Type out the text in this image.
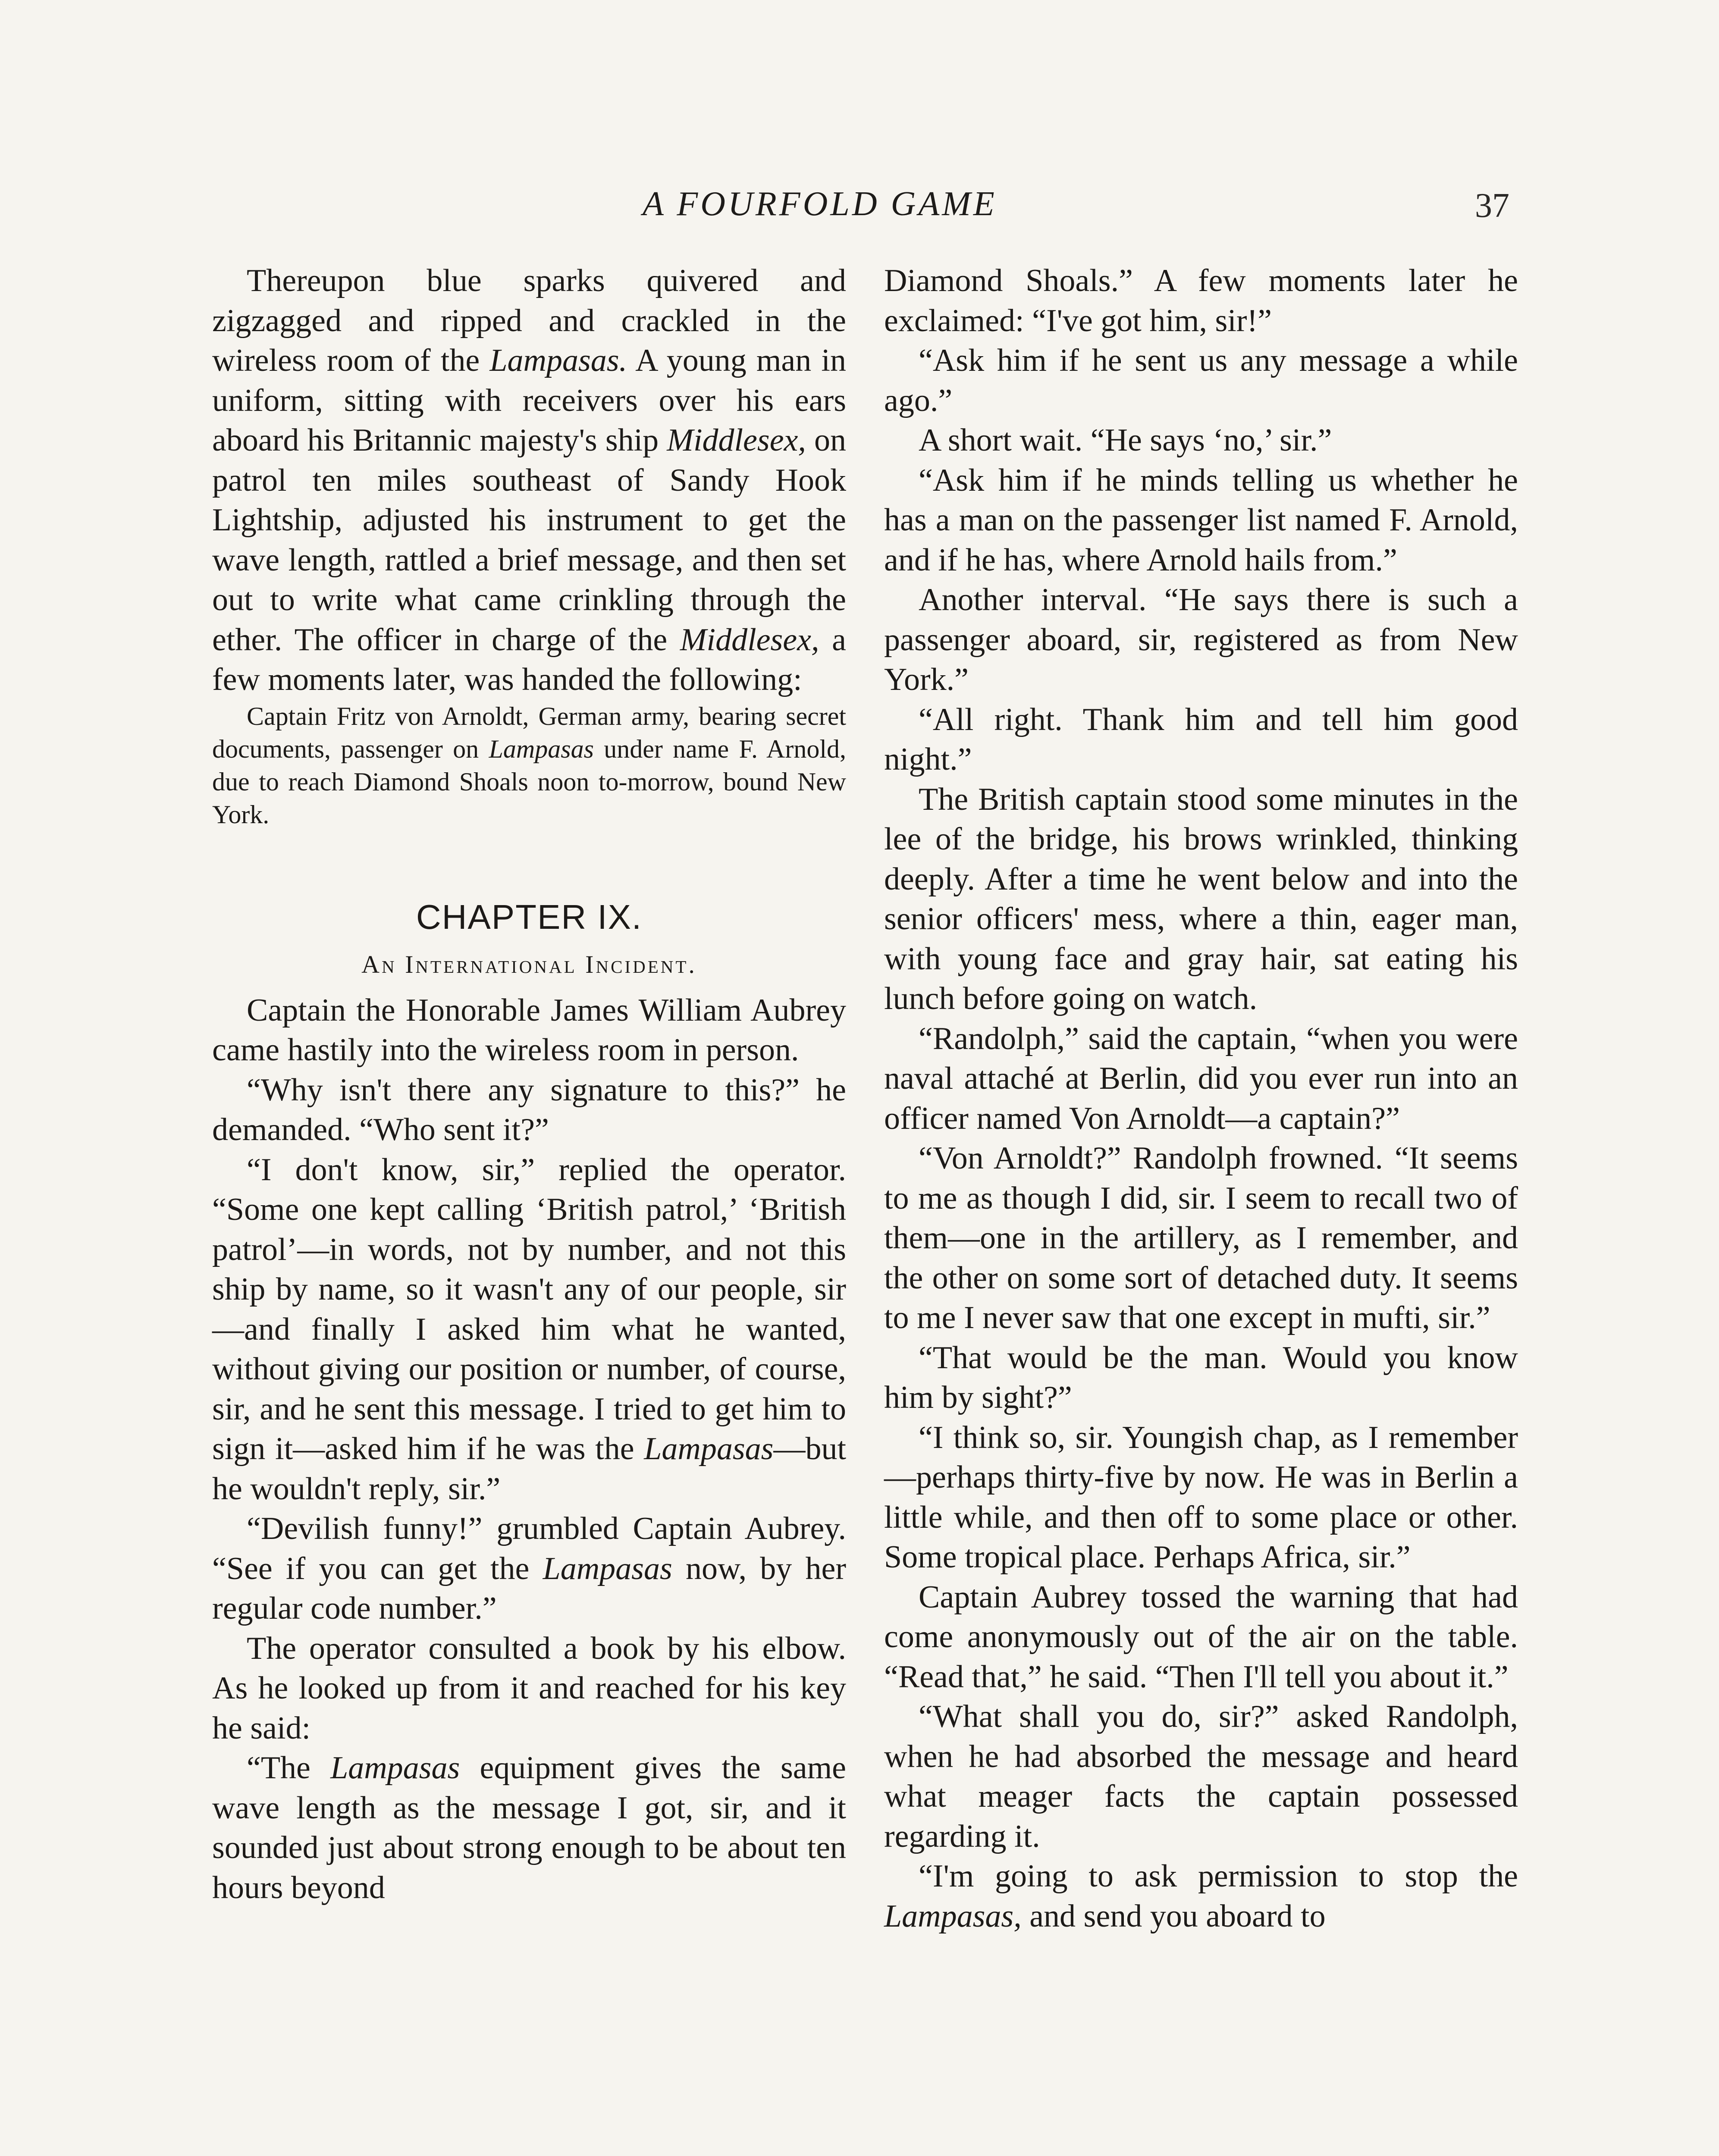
A FOURFOLD GAME	37

Thereupon blue sparks quivered and zigzagged and ripped and crackled in the wireless room of the Lampasas. A young man in uniform, sitting with receivers over his ears aboard his Britannic majesty's ship Middlesex, on patrol ten miles southeast of Sandy Hook Lightship, adjusted his instrument to get the wave length, rattled a brief message, and then set out to write what came crinkling through the ether. The officer in charge of the Middlesex, a few moments later, was handed the following:

Captain Fritz von Arnoldt, German army, bearing secret documents, passenger on Lampasas under name F. Arnold, due to reach Diamond Shoals noon to-morrow, bound New York.

CHAPTER IX.
An International Incident.

Captain the Honorable James William Aubrey came hastily into the wireless room in person.

“Why isn't there any signature to this?” he demanded. “Who sent it?”

“I don't know, sir,” replied the operator. “Some one kept calling ‘British patrol,’ ‘British patrol’—in words, not by number, and not this ship by name, so it wasn't any of our people, sir—and finally I asked him what he wanted, without giving our position or number, of course, sir, and he sent this message. I tried to get him to sign it—asked him if he was the Lampasas—but he wouldn't reply, sir.”

“Devilish funny!” grumbled Captain Aubrey. “See if you can get the Lampasas now, by her regular code number.”

The operator consulted a book by his elbow. As he looked up from it and reached for his key he said:

“The Lampasas equipment gives the same wave length as the message I got, sir, and it sounded just about strong enough to be about ten hours beyond

Diamond Shoals.” A few moments later he exclaimed: “I've got him, sir!”

“Ask him if he sent us any message a while ago.”

A short wait. “He says ‘no,’ sir.”

“Ask him if he minds telling us whether he has a man on the passenger list named F. Arnold, and if he has, where Arnold hails from.”

Another interval. “He says there is such a passenger aboard, sir, registered as from New York.”

“All right. Thank him and tell him good night.”

The British captain stood some minutes in the lee of the bridge, his brows wrinkled, thinking deeply. After a time he went below and into the senior officers' mess, where a thin, eager man, with young face and gray hair, sat eating his lunch before going on watch.

“Randolph,” said the captain, “when you were naval attaché at Berlin, did you ever run into an officer named Von Arnoldt—a captain?”

“Von Arnoldt?” Randolph frowned. “It seems to me as though I did, sir. I seem to recall two of them—one in the artillery, as I remember, and the other on some sort of detached duty. It seems to me I never saw that one except in mufti, sir.”

“That would be the man. Would you know him by sight?”

“I think so, sir. Youngish chap, as I remember—perhaps thirty-five by now. He was in Berlin a little while, and then off to some place or other. Some tropical place. Perhaps Africa, sir.”

Captain Aubrey tossed the warning that had come anonymously out of the air on the table. “Read that,” he said. “Then I'll tell you about it.”

“What shall you do, sir?” asked Randolph, when he had absorbed the message and heard what meager facts the captain possessed regarding it.

“I'm going to ask permission to stop the Lampasas, and send you aboard to
